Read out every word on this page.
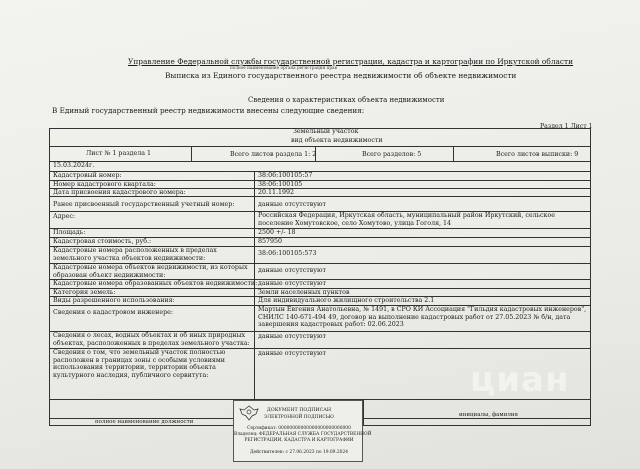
Управление Федеральной службы государственной регистрации, кадастра и картографии по Иркутской области
полное наименование органа регистрации прав
Выписка из Единого государственного реестра недвижимости об объекте недвижимости
Сведения о характеристиках объекта недвижимости
В Единый государственный реестр недвижимости внесены следующие сведения:
Раздел 1 Лист 1
Земельный участок
вид объекта недвижимости
Лист № 1 раздела 1	Всего листов раздела 1: 2	Всего разделов: 5	Всего листов выписки: 9
15.03.2024г.
Кадастровый номер:	38:06:100105:57
Номер кадастрового квартала:	38:06:100105
Дата присвоения кадастрового номера:	20.11.1992
Ранее присвоенный государственный учетный номер:	данные отсутствуют
Адрес:	Российская Федерация, Иркутская область, муниципальный район Иркутский, сельское поселение Хомутовское, село Хомутово, улица Гоголя, 14
Площадь:	2500 +/- 18
Кадастровая стоимость, руб.:	857950
Кадастровые номера расположенных в пределах земельного участка объектов недвижимости:
38:06:100105:573
Кадастровые номера объектов недвижимости, из которых образован объект недвижимости:
данные отсутствуют
Кадастровые номера образованных объектов недвижимости: данные отсутствуют
Категория земель:	Земли населенных пунктов
Виды разрешенного использования:	Для индивидуального жилищного строительства 2.1
Сведения о кадастровом инженере:	Мартын Евгения Анатольевна, № 1491, в СРО КИ Ассоциация "Гильдия кадастровых инженеров", СНИЛС 140-671-494 49, договор на выполнение кадастровых работ от 27.05.2023 № б/н, дата завершения кадастровых работ: 02.06.2023
Сведения о лесах, водных объектах и об иных природных объектах, расположенных в пределах земельного участка:
данные отсутствуют
Сведения о том, что земельный участок полностью расположен в границах зоны с особыми условиями использования территории, территории объекта культурного наследия, публичного сервитута:
данные отсутствуют
полное наименование должности
инициалы, фамилия
ДОКУМЕНТ ПОДПИСАН
ЭЛЕКТРОННОЙ ПОДПИСЬЮ
Сертификат: 00000000000000000000000000
Владелец: ФЕДЕРАЛЬНАЯ СЛУЖБА ГОСУДАРСТВЕННОЙ
РЕГИСТРАЦИИ, КАДАСТРА И КАРТОГРАФИИ
Действителен: с 27.06.2023 по 19.09.2024
циан
